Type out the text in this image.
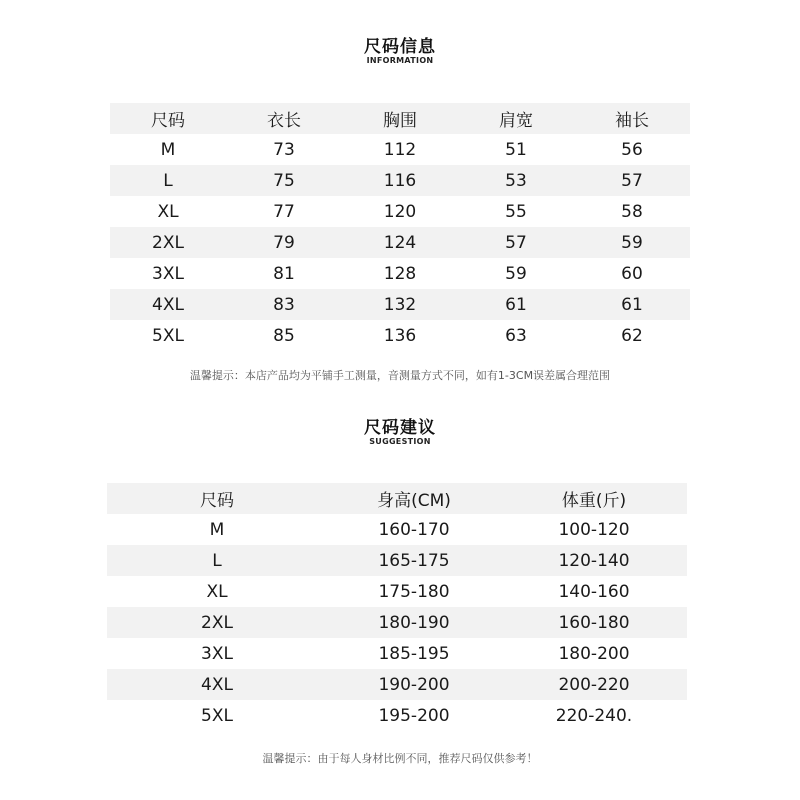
尺码信息
INFORMATION
尺码	衣长	胸围	肩宽	袖长
M	73	112	51	56
L	75	116	53	57
XL	77	120	55	58
2XL	79	124	57	59
3XL	81	128	59	60
4XL	83	132	61	61
5XL	85	136	63	62
温馨提示：本店产品均为平铺手工测量，音测量方式不同，如有1-3CM误差属合理范围
尺码建议
SUGGESTION
尺码	身高(CM)	体重(斤)
M	160-170	100-120
L	165-175	120-140
XL	175-180	140-160
2XL	180-190	160-180
3XL	185-195	180-200
4XL	190-200	200-220
5XL	195-200	220-240.
温馨提示：由于每人身材比例不同，推荐尺码仅供参考！
